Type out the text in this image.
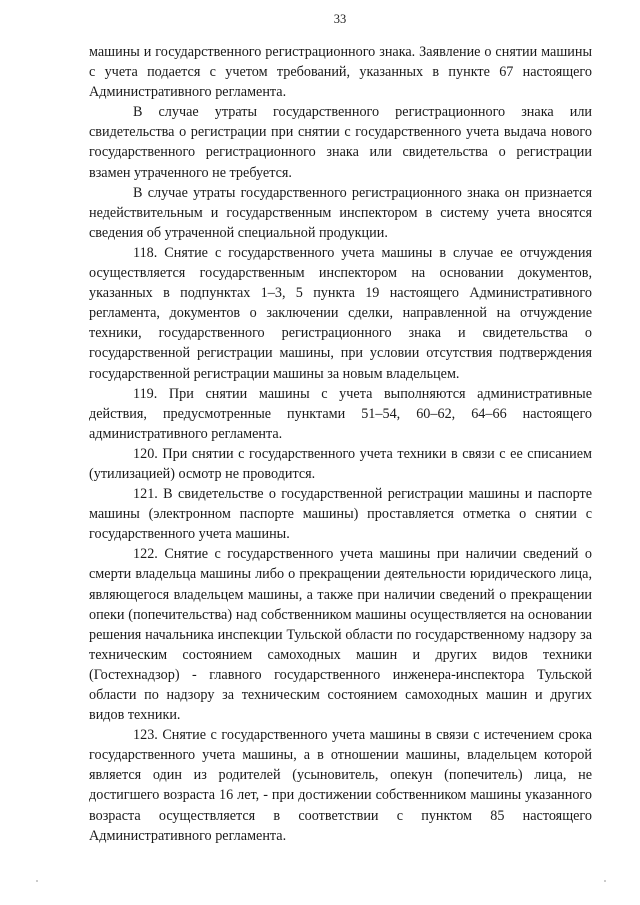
33

машины и государственного регистрационного знака. Заявление о снятии машины с учета подается с учетом требований, указанных в пункте 67 настоящего Административного регламента.

В случае утраты государственного регистрационного знака или свидетельства о регистрации при снятии с государственного учета выдача нового государственного регистрационного знака или свидетельства о регистрации взамен утраченного не требуется.

В случае утраты государственного регистрационного знака он признается недействительным и государственным инспектором в систему учета вносятся сведения об утраченной специальной продукции.

118. Снятие с государственного учета машины в случае ее отчуждения осуществляется государственным инспектором на основании документов, указанных в подпунктах 1–3, 5 пункта 19 настоящего Административного регламента, документов о заключении сделки, направленной на отчуждение техники, государственного регистрационного знака и свидетельства о государственной регистрации машины, при условии отсутствия подтверждения государственной регистрации машины за новым владельцем.

119. При снятии машины с учета выполняются административные действия, предусмотренные пунктами 51–54, 60–62, 64–66 настоящего административного регламента.

120. При снятии с государственного учета техники в связи с ее списанием (утилизацией) осмотр не проводится.

121. В свидетельстве о государственной регистрации машины и паспорте машины (электронном паспорте машины) проставляется отметка о снятии с государственного учета машины.

122. Снятие с государственного учета машины при наличии сведений о смерти владельца машины либо о прекращении деятельности юридического лица, являющегося владельцем машины, а также при наличии сведений о прекращении опеки (попечительства) над собственником машины осуществляется на основании решения начальника инспекции Тульской области по государственному надзору за техническим состоянием самоходных машин и других видов техники (Гостехнадзор) - главного государственного инженера-инспектора Тульской области по надзору за техническим состоянием самоходных машин и других видов техники.

123. Снятие с государственного учета машины в связи с истечением срока государственного учета машины, а в отношении машины, владельцем которой является один из родителей (усыновитель, опекун (попечитель) лица, не достигшего возраста 16 лет, - при достижении собственником машины указанного возраста осуществляется в соответствии с пунктом 85 настоящего Административного регламента.
